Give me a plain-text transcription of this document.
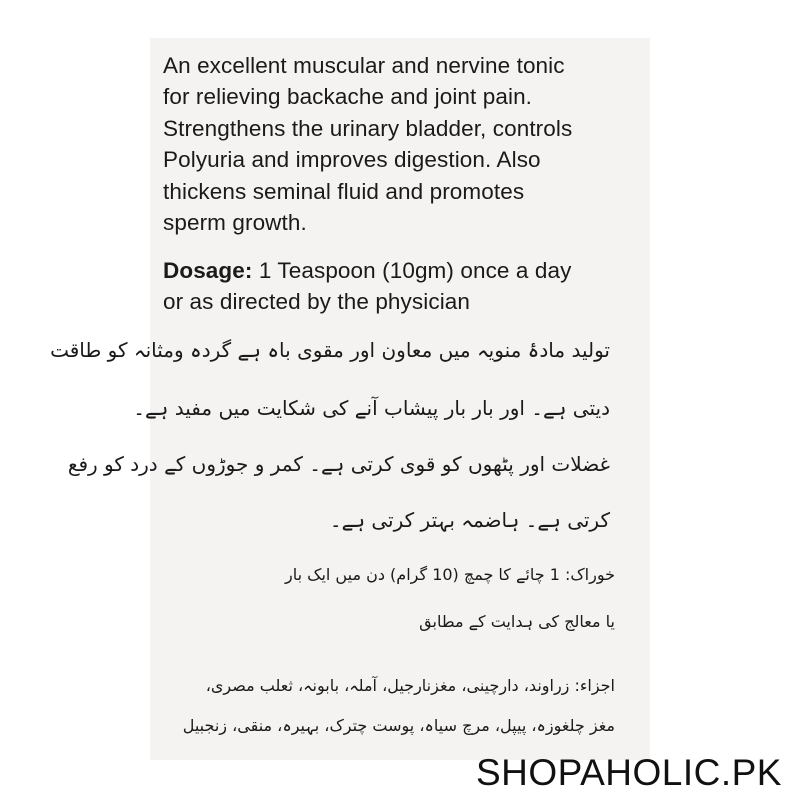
An excellent muscular and nervine tonic
for relieving backache and joint pain.
Strengthens the urinary bladder, controls
Polyuria and improves digestion. Also
thickens seminal fluid and promotes
sperm growth.
Dosage: 1 Teaspoon (10gm) once a day
or as directed by the physician
تولید مادۂ منویہ میں معاون اور مقوی باہ ہے گردہ ومثانہ کو طاقت
دیتی ہے۔ اور بار بار پیشاب آنے کی شکایت میں مفید ہے۔
غضلات اور پٹھوں کو قوی کرتی ہے۔ کمر و جوڑوں کے درد کو رفع
کرتی ہے۔ ہاضمہ بہتر کرتی ہے۔
خوراک: 1 چائے کا چمچ (10 گرام) دن میں ایک بار
یا معالج کی ہدایت کے مطابق
اجزاء: زراوند، دارچینی، مغزنارجیل، آملہ، بابونہ، ثعلب مصری،
مغز چلغوزہ، پیپل، مرچ سیاہ، پوست چترک، بہیرہ، منقی، زنجبیل
SHOPAHOLIC.PK
